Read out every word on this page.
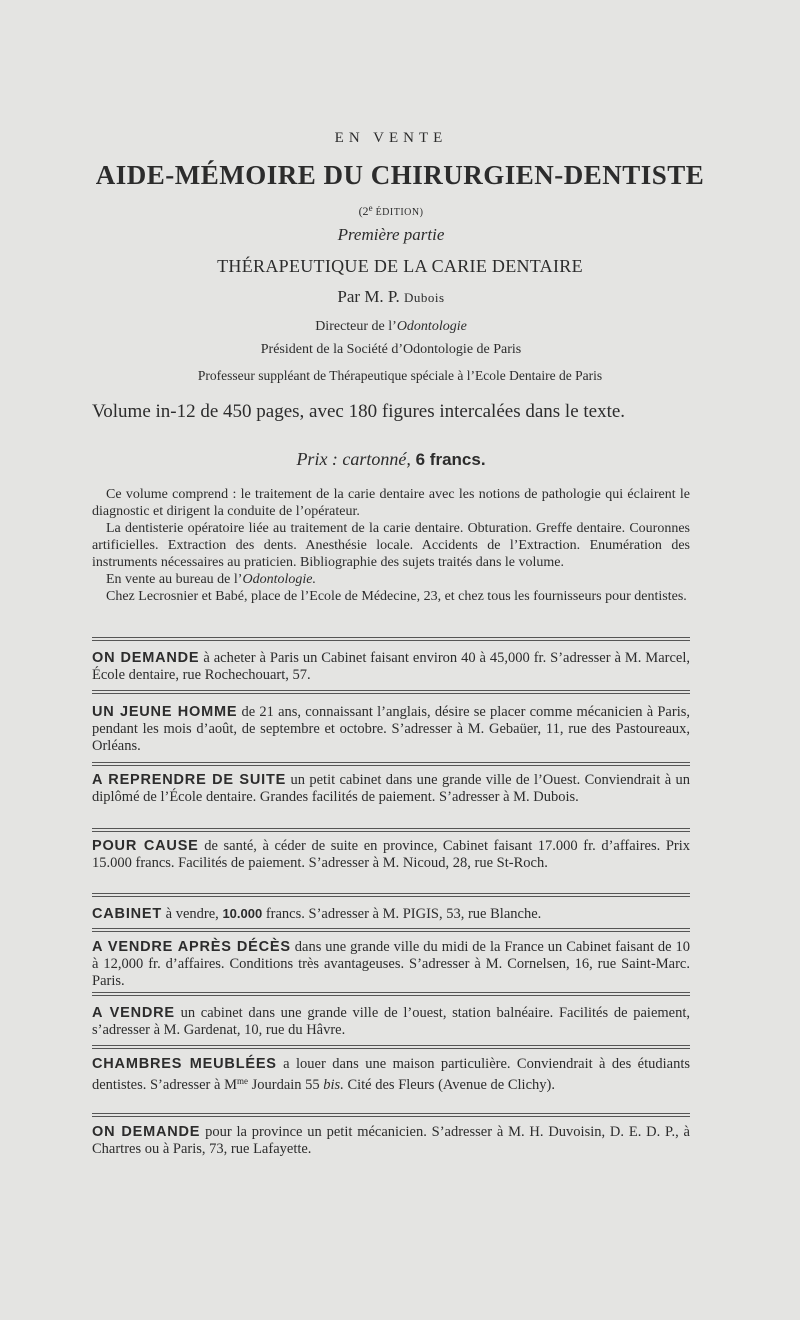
EN VENTE
AIDE-MÉMOIRE DU CHIRURGIEN-DENTISTE
(2e ÉDITION)
Première partie
THÉRAPEUTIQUE DE LA CARIE DENTAIRE
Par M. P. Dubois
Directeur de l’Odontologie
Président de la Société d’Odontologie de Paris
Professeur suppléant de Thérapeutique spéciale à l’Ecole Dentaire de Paris
Volume in-12 de 450 pages, avec 180 figures intercalées dans le texte.
Prix : cartonné, 6 francs.

Ce volume comprend : le traitement de la carie dentaire avec les notions de pathologie qui éclairent le diagnostic et dirigent la conduite de l’opérateur.

La dentisterie opératoire liée au traitement de la carie dentaire. Obturation. Greffe dentaire. Couronnes artificielles. Extraction des dents. Anesthésie locale. Accidents de l’Extraction. Enumération des instruments nécessaires au praticien. Bibliographie des sujets traités dans le volume.

En vente au bureau de l’Odontologie.

Chez Lecrosnier et Babé, place de l’Ecole de Médecine, 23, et chez tous les fournisseurs pour dentistes.

ON DEMANDE à acheter à Paris un Cabinet faisant environ 40 à 45,000 fr. S’adresser à M. Marcel, École dentaire, rue Rochechouart, 57.
UN JEUNE HOMME de 21 ans, connaissant l’anglais, désire se placer comme mécanicien à Paris, pendant les mois d’août, de septembre et octobre. S’adresser à M. Gebaüer, 11, rue des Pastoureaux, Orléans.
A REPRENDRE DE SUITE un petit cabinet dans une grande ville de l’Ouest. Conviendrait à un diplômé de l’École dentaire. Grandes facilités de paiement. S’adresser à M. Dubois.
POUR CAUSE de santé, à céder de suite en province, Cabinet faisant 17.000 fr. d’affaires. Prix 15.000 francs. Facilités de paiement. S’adresser à M. Nicoud, 28, rue St-Roch.
CABINET à vendre, 10.000 francs. S’adresser à M. PIGIS, 53, rue Blanche.
A VENDRE APRÈS DÉCÈS dans une grande ville du midi de la France un Cabinet faisant de 10 à 12,000 fr. d’affaires. Conditions très avantageuses. S’adresser à M. Cornelsen, 16, rue Saint-Marc. Paris.
A VENDRE un cabinet dans une grande ville de l’ouest, station balnéaire. Facilités de paiement, s’adresser à M. Gardenat, 10, rue du Hâvre.
CHAMBRES MEUBLÉES a louer dans une maison particulière. Conviendrait à des étudiants dentistes. S’adresser à $M^{me}$ Jourdain 55 bis. Cité des Fleurs (Avenue de Clichy).
ON DEMANDE pour la province un petit mécanicien. S’adresser à M. H. Duvoisin, D. E. D. P., à Chartres ou à Paris, 73, rue Lafayette.
